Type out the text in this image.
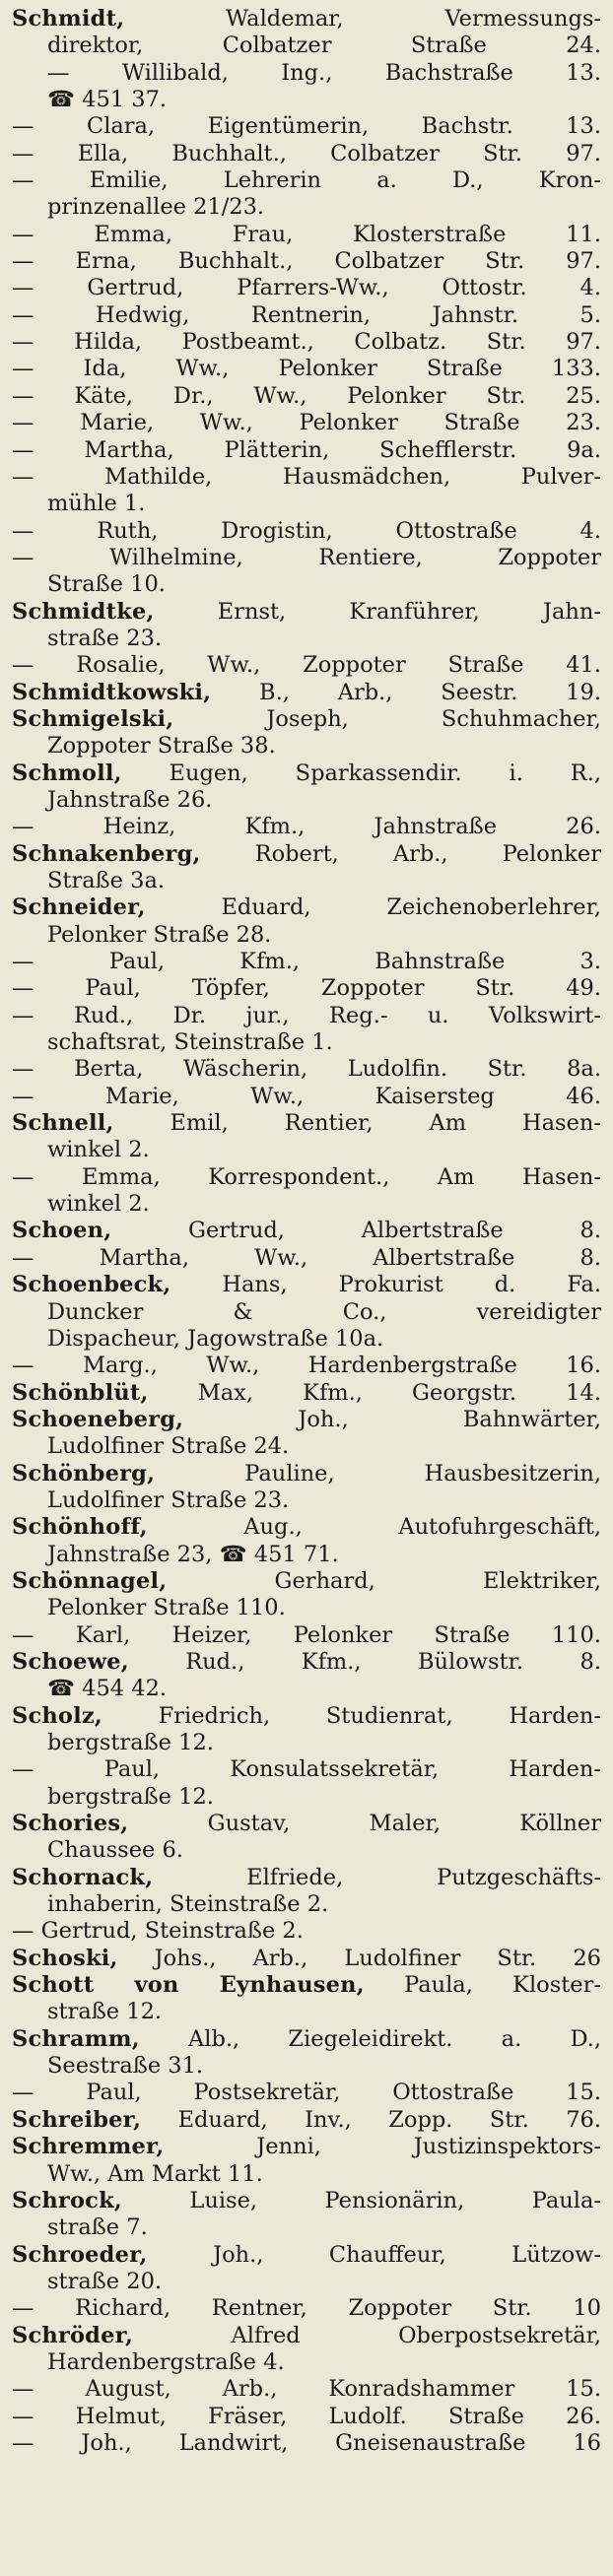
Schmidt, Waldemar, Vermessungs-
direktor, Colbatzer Straße 24.
— Willibald, Ing., Bachstraße 13.
☎ 451 37.
— Clara, Eigentümerin, Bachstr. 13.
— Ella, Buchhalt., Colbatzer Str. 97.
— Emilie, Lehrerin a. D., Kron-
prinzenallee 21/23.
— Emma, Frau, Klosterstraße 11.
— Erna, Buchhalt., Colbatzer Str. 97.
— Gertrud, Pfarrers-Ww., Ottostr. 4.
— Hedwig, Rentnerin, Jahnstr. 5.
— Hilda, Postbeamt., Colbatz. Str. 97.
— Ida, Ww., Pelonker Straße 133.
— Käte, Dr., Ww., Pelonker Str. 25.
— Marie, Ww., Pelonker Straße 23.
— Martha, Plätterin, Schefflerstr. 9a.
— Mathilde, Hausmädchen, Pulver-
mühle 1.
— Ruth, Drogistin, Ottostraße 4.
— Wilhelmine, Rentiere, Zoppoter
Straße 10.
Schmidtke, Ernst, Kranführer, Jahn-
straße 23.
— Rosalie, Ww., Zoppoter Straße 41.
Schmidtkowski, B., Arb., Seestr. 19.
Schmigelski, Joseph, Schuhmacher,
Zoppoter Straße 38.
Schmoll, Eugen, Sparkassendir. i. R.,
Jahnstraße 26.
— Heinz, Kfm., Jahnstraße 26.
Schnakenberg, Robert, Arb., Pelonker
Straße 3a.
Schneider, Eduard, Zeichenoberlehrer,
Pelonker Straße 28.
— Paul, Kfm., Bahnstraße 3.
— Paul, Töpfer, Zoppoter Str. 49.
— Rud., Dr. jur., Reg.- u. Volkswirt-
schaftsrat, Steinstraße 1.
— Berta, Wäscherin, Ludolfin. Str. 8a.
— Marie, Ww., Kaisersteg 46.
Schnell, Emil, Rentier, Am Hasen-
winkel 2.
— Emma, Korrespondent., Am Hasen-
winkel 2.
Schoen, Gertrud, Albertstraße 8.
— Martha, Ww., Albertstraße 8.
Schoenbeck, Hans, Prokurist d. Fa.
Duncker & Co., vereidigter
Dispacheur, Jagowstraße 10a.
— Marg., Ww., Hardenbergstraße 16.
Schönblüt, Max, Kfm., Georgstr. 14.
Schoeneberg, Joh., Bahnwärter,
Ludolfiner Straße 24.
Schönberg, Pauline, Hausbesitzerin,
Ludolfiner Straße 23.
Schönhoff, Aug., Autofuhrgeschäft,
Jahnstraße 23, ☎ 451 71.
Schönnagel, Gerhard, Elektriker,
Pelonker Straße 110.
— Karl, Heizer, Pelonker Straße 110.
Schoewe, Rud., Kfm., Bülowstr. 8.
☎ 454 42.
Scholz, Friedrich, Studienrat, Harden-
bergstraße 12.
— Paul, Konsulatssekretär, Harden-
bergstraße 12.
Schories, Gustav, Maler, Köllner
Chaussee 6.
Schornack, Elfriede, Putzgeschäfts-
inhaberin, Steinstraße 2.
— Gertrud, Steinstraße 2.
Schoski, Johs., Arb., Ludolfiner Str. 26
Schott von Eynhausen, Paula, Kloster-
straße 12.
Schramm, Alb., Ziegeleidirekt. a. D.,
Seestraße 31.
— Paul, Postsekretär, Ottostraße 15.
Schreiber, Eduard, Inv., Zopp. Str. 76.
Schremmer, Jenni, Justizinspektors-
Ww., Am Markt 11.
Schrock, Luise, Pensionärin, Paula-
straße 7.
Schroeder, Joh., Chauffeur, Lützow-
straße 20.
— Richard, Rentner, Zoppoter Str. 10
Schröder, Alfred Oberpostsekretär,
Hardenbergstraße 4.
— August, Arb., Konradshammer 15.
— Helmut, Fräser, Ludolf. Straße 26.
— Joh., Landwirt, Gneisenaustraße 16
